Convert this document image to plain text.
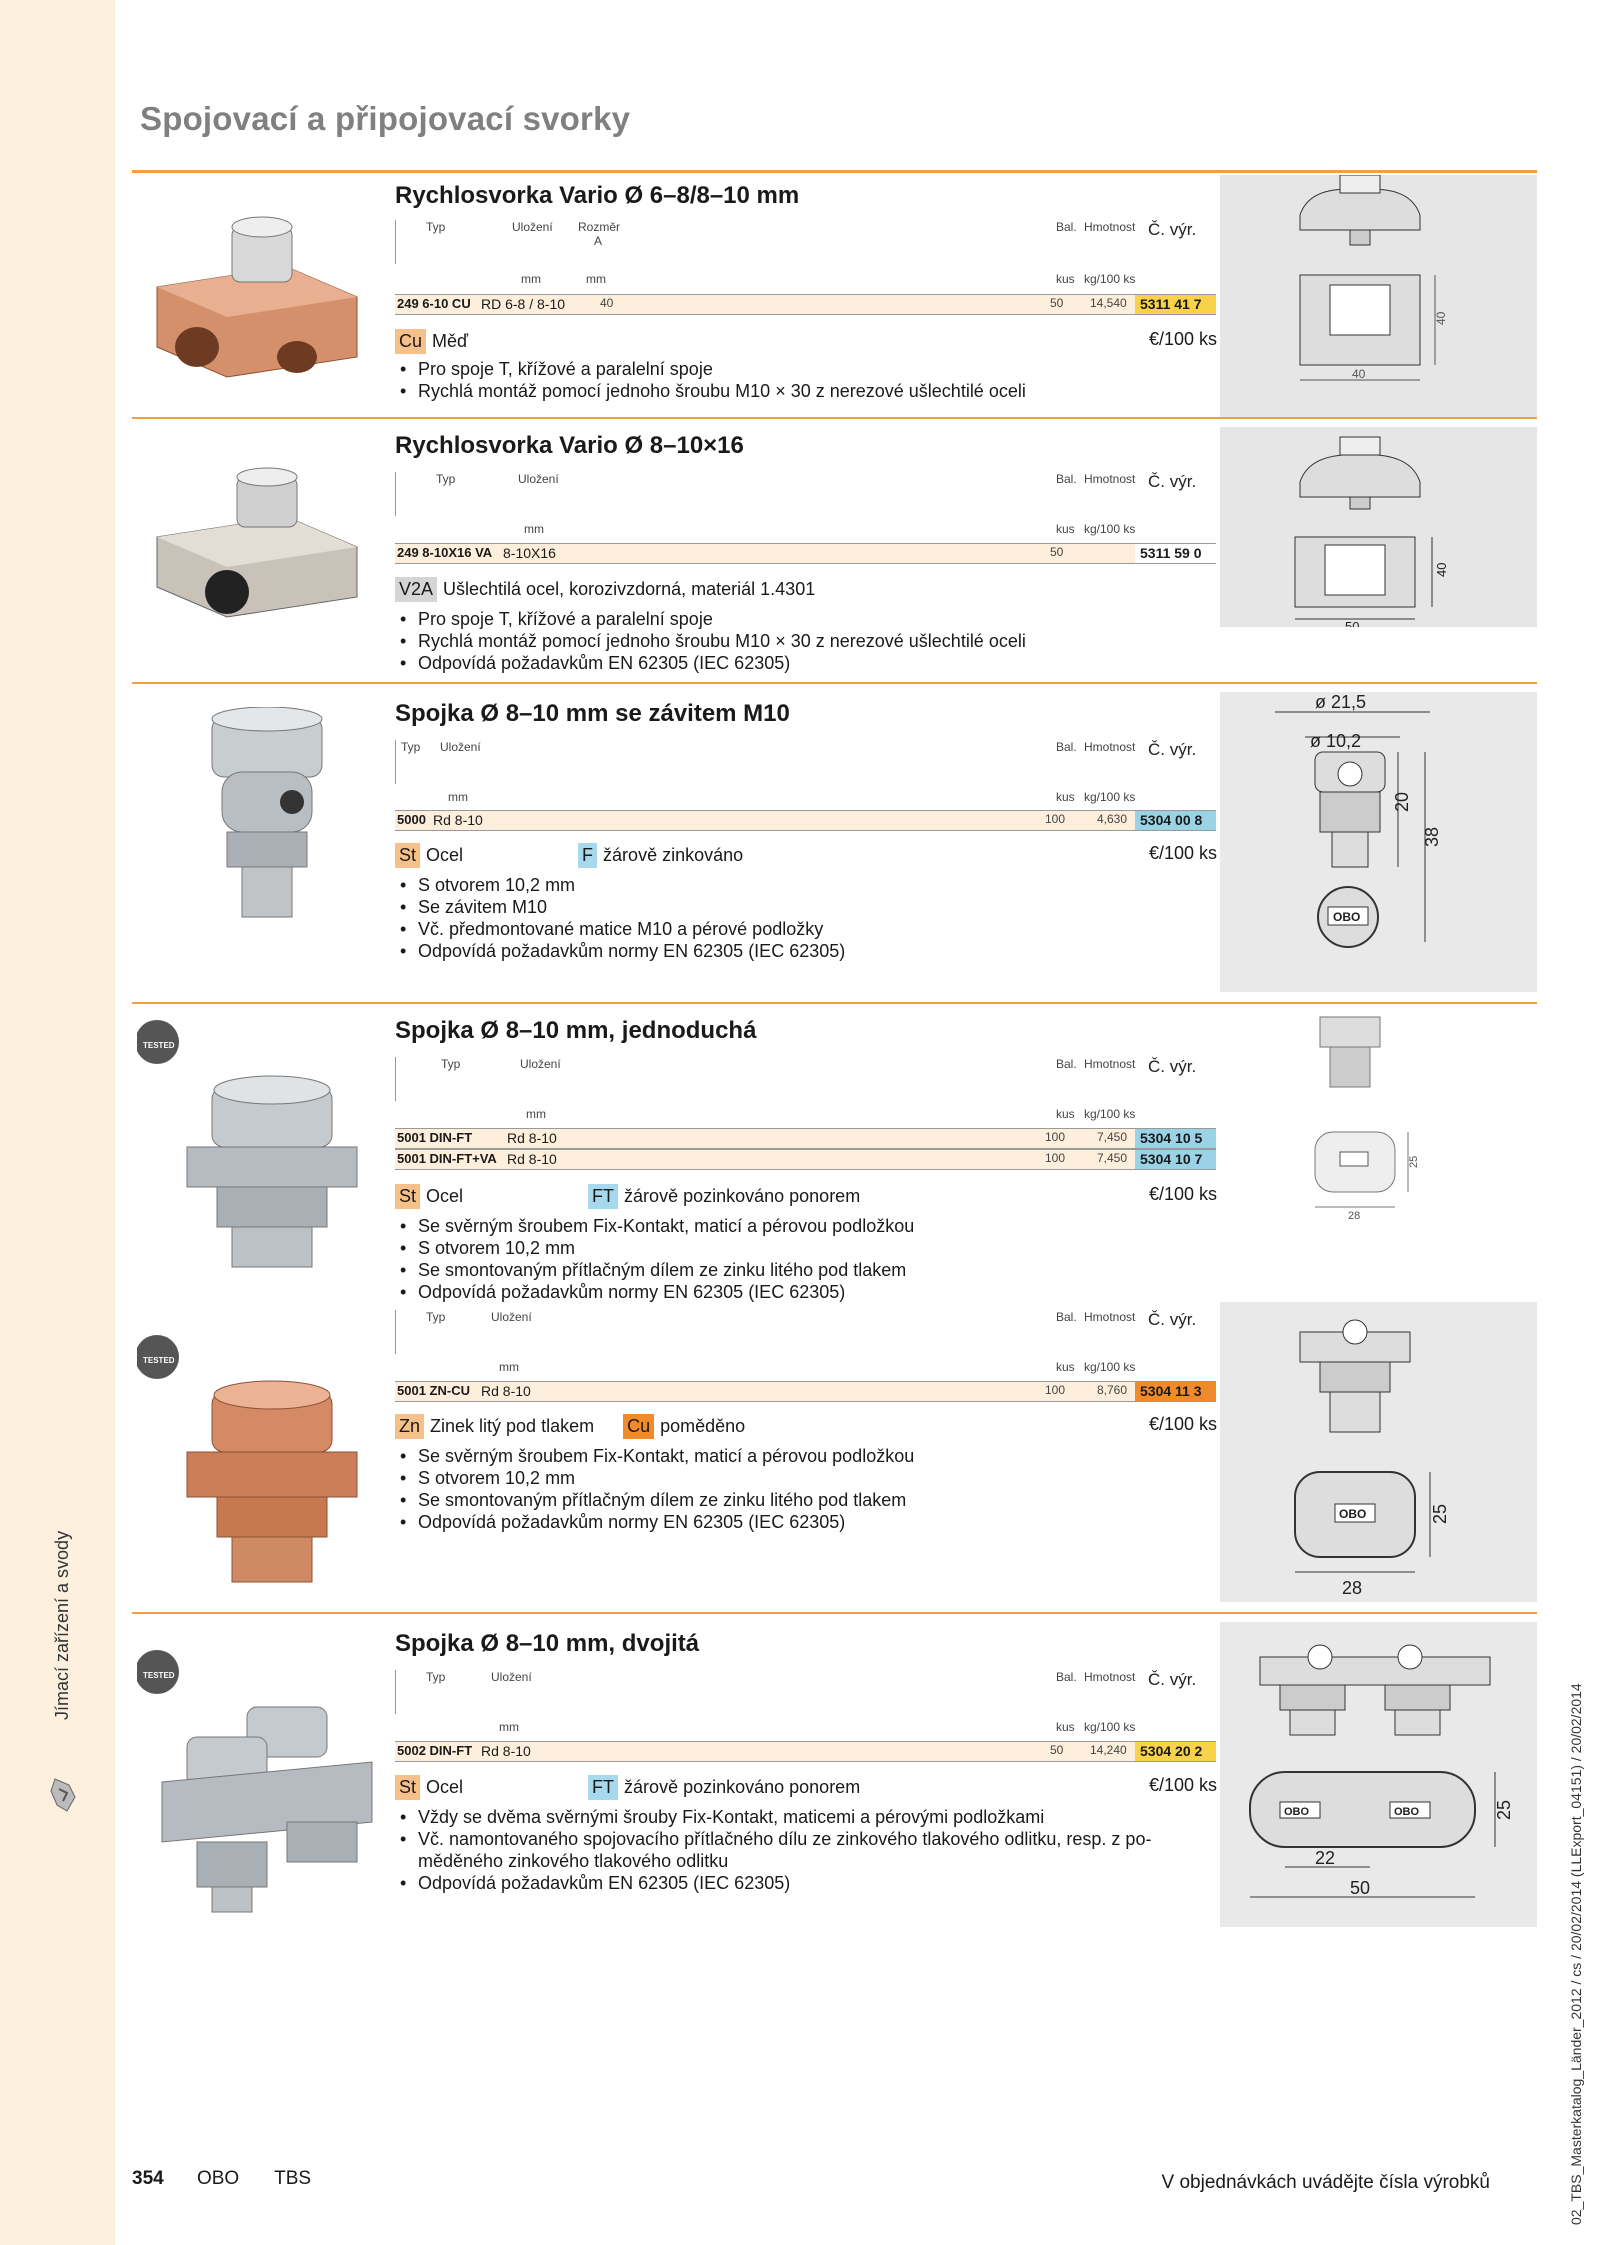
Spojovací a připojovací svorky
Jímací zařízení a svody
02_TBS_Masterkatalog_Länder_2012 / cs / 20/02/2014 (LLExport_04151) / 20/02/2014
Rychlosvorka Vario Ø 6–8/8–10 mm
Typ	Uložení Rozměr A
Bal. Hmotnost Č. výr.
mm	mm	kus kg/100 ks
249 6-10 CU RD 6-8 / 8-10	40	50 14,540 5311 41 7
Cu Měď	€/100 ks
• Pro spoje T, křížové a paralelní spoje
• Rychlá montáž pomocí jednoho šroubu M10 × 30 z nerezové ušlechtilé oceli
40
40
Rychlosvorka Vario Ø 8–10×16
Typ	Uložení	Bal. Hmotnost Č. výr.
mm	kus kg/100 ks
249 8-10X16 VA 8-10X16	50	5311 59 0
V2A Ušlechtilá ocel, korozivzdorná, materiál 1.4301
• Pro spoje T, křížové a paralelní spoje
• Rychlá montáž pomocí jednoho šroubu M10 × 30 z nerezové ušlechtilé oceli
• Odpovídá požadavkům EN 62305 (IEC 62305)
50
40
Spojka Ø 8–10 mm se závitem M10
Typ Uložení	Bal. Hmotnost Č. výr.
mm	kus kg/100 ks
5000 Rd 8-10	100	4,630 5304 00 8
St Ocel	F žárově zinkováno	€/100 ks
• S otvorem 10,2 mm
• Se závitem M10
• Vč. předmontované matice M10 a pérové podložky
• Odpovídá požadavkům normy EN 62305 (IEC 62305)
ø 21,5
ø 10,2
20
38
OBO
TESTED
Spojka Ø 8–10 mm, jednoduchá
Typ	Uložení	Bal. Hmotnost Č. výr.
mm	kus kg/100 ks
5001 DIN-FT Rd 8-10	100	7,450 5304 10 5
5001 DIN-FT+VA Rd 8-10	100	7,450 5304 10 7
St Ocel	FT žárově pozinkováno ponorem	€/100 ks
• Se svěrným šroubem Fix-Kontakt, maticí a pérovou podložkou
• S otvorem 10,2 mm
• Se smontovaným přítlačným dílem ze zinku litého pod tlakem
• Odpovídá požadavkům normy EN 62305 (IEC 62305)
25
28
TESTED
Typ	Uložení	Bal. Hmotnost Č. výr.
mm	kus kg/100 ks
5001 ZN-CU Rd 8-10	100	8,760 5304 11 3
Zn Zinek litý pod tlakem Cu poměděno	€/100 ks
• Se svěrným šroubem Fix-Kontakt, maticí a pérovou podložkou
• S otvorem 10,2 mm
• Se smontovaným přítlačným dílem ze zinku litého pod tlakem
• Odpovídá požadavkům normy EN 62305 (IEC 62305)	OBO	25
28
TESTED
Spojka Ø 8–10 mm, dvojitá
Typ	Uložení	Bal. Hmotnost Č. výr.
mm	kus kg/100 ks
5002 DIN-FT Rd 8-10	50 14,240 5304 20 2
St Ocel	FT žárově pozinkováno ponorem	€/100 ks
• Vždy se dvěma svěrnými šrouby Fix-Kontakt, maticemi a pérovými podložkami
• Vč. namontovaného spojovacího přítlačného dílu ze zinkového tlakového odlitku, resp. z po-měděného zinkového tlakového odlitku
• Odpovídá požadavkům EN 62305 (IEC 62305)
OBO	OBO	25
22
50
354 OBO TBS	V objednávkách uvádějte čísla výrobků
